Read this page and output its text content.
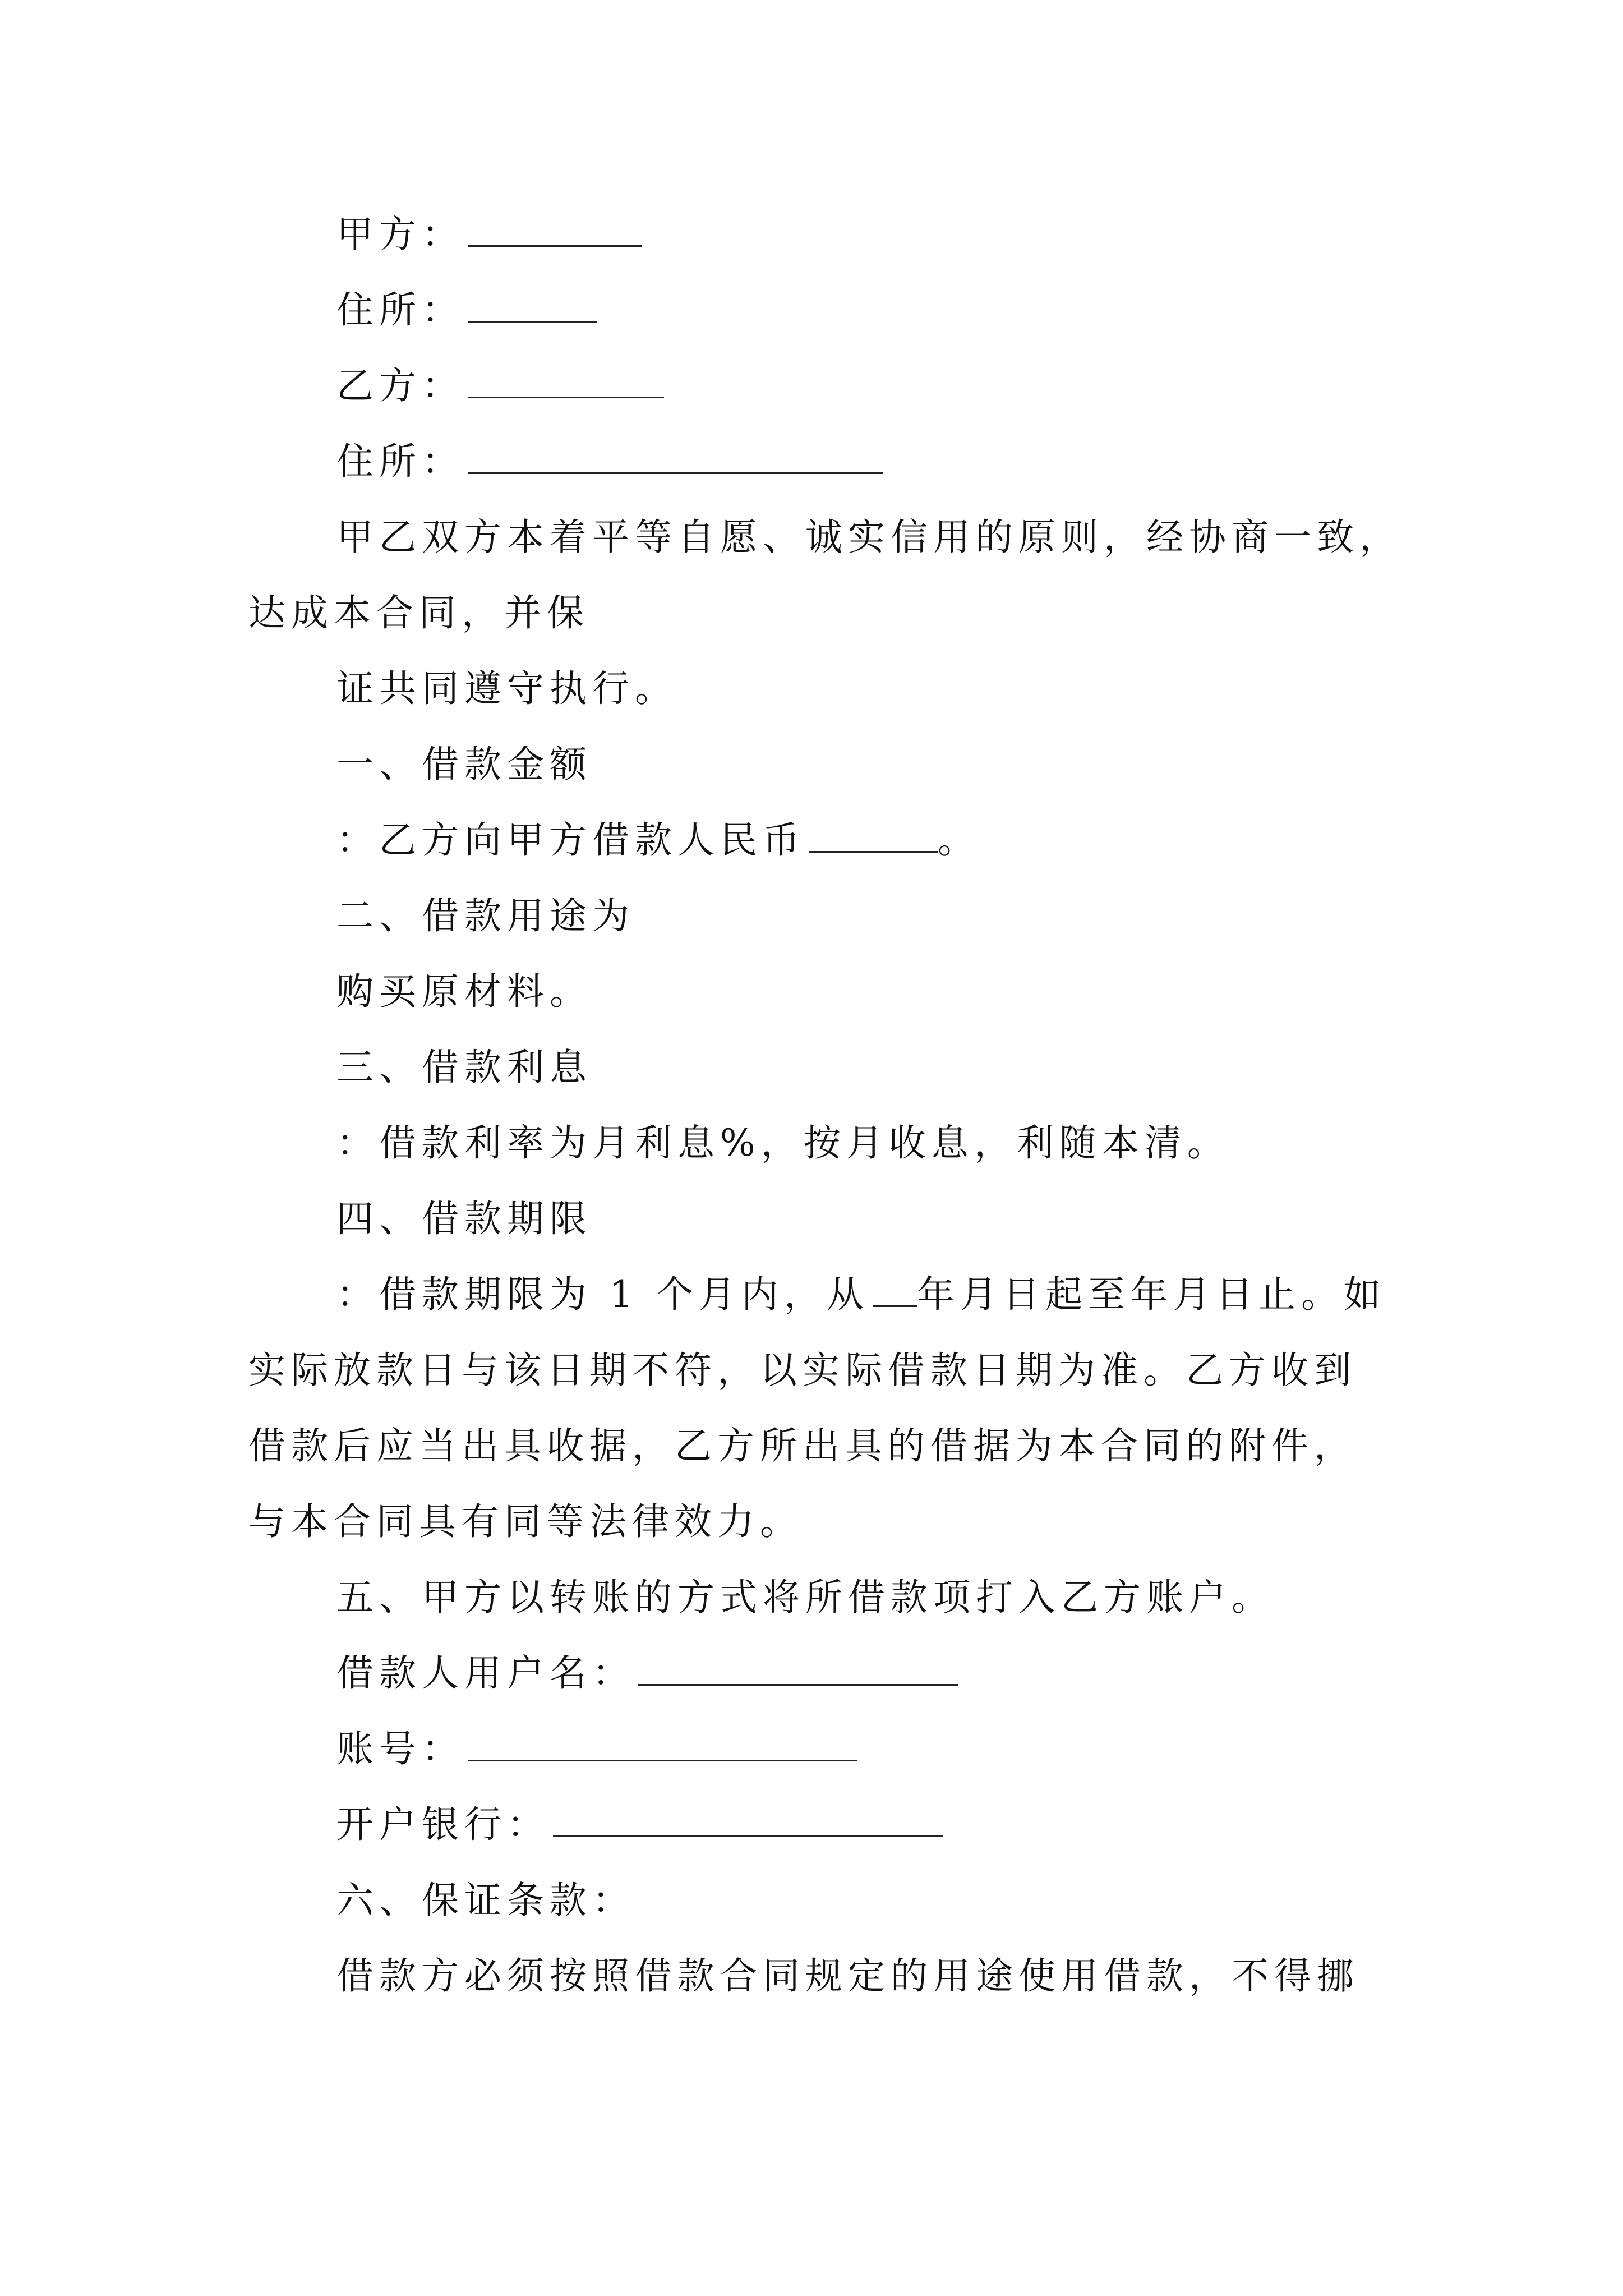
甲方：
住所：
乙方：
住所：
甲乙双方本着平等自愿、诚实信用的原则，经协商一致，
达成本合同，并保
证共同遵守执行。
一、借款金额
：乙方向甲方借款人民币	。
二、借款用途为
购买原材料。
三、借款利息
：借款利率为月利息%，按月收息，利随本清。
四、借款期限
：借款期限为 1 个月内，从 年月日起至年月日止。如
实际放款日与该日期不符，以实际借款日期为准。乙方收到
借款后应当出具收据，乙方所出具的借据为本合同的附件，
与本合同具有同等法律效力。
五、甲方以转账的方式将所借款项打入乙方账户。
借款人用户名：
账号：
开户银行：
六、保证条款：
借款方必须按照借款合同规定的用途使用借款，不得挪
